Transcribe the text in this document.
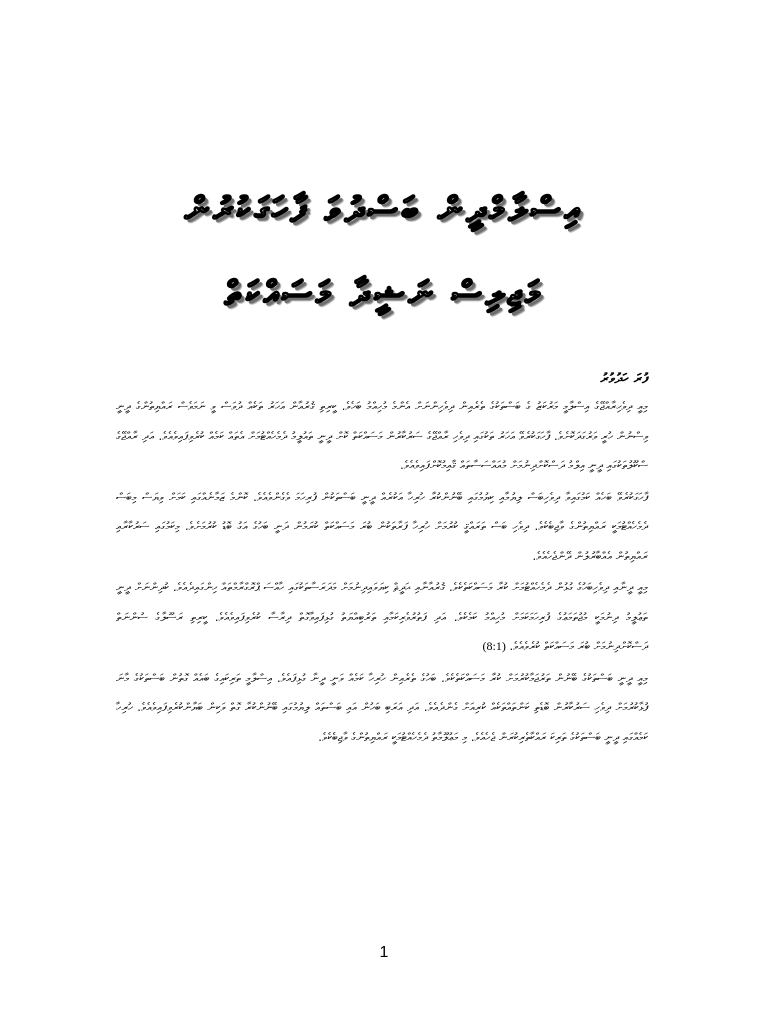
އިސްލާމްދީން ބަސްދުވަ ފާހަގަކުރުން
މަޖިލިސް ނަޝީދާ މަސައްކަތް

ފުރަ ހަދުވުރު

މިއީ ދިވެހިރާއްޖޭގެ އިސްލާމީ މަރުކަޒު ގެ ބަސްތަކުގެ ތެރެއިން ދިވެހިންނަށް އެންމެ މުހިއްމު ބަހެވެ. ކީރިތި ޤުރުއާން އަހަރު ތަކެއް ދުވަސް ވީ ނަމަވެސް ރައްޔިތުންގެ ދީނީ ވިސްނުން ހުރީ ވަރުގަދަކޮށެވެ. ފާހަގަކުރެވޭ އަހަރު ތަކުގައި ދިވެހި ރާއްޖޭގެ ސަރުކާރުން މަސައްކަތް ކޮށް ދީނީ ތައުލީމު ދެމެހެއްޓުމަށް އެތައް ކަމެއް ކުރެވިފައިވެއެވެ. އަދި ރާއްޖޭގެ ސްކޫލުތަކުގައި ދީނީ އިލްމު ދަސްކޮށްދިނުމަށް މުއައްސަސާތައް ޤާއިމުކޮށްފައިވެއެވެ.

ފާހަގަކުރެވޭ ބަހެއް ކަމުގައިވާ ދިވެހިބަސް ލިޔުމާއި ކިޔުމުގައި ބޭނުންކުރާ ހުރިހާ އަކުރެއް ދީނީ ބަސްތަކުން ފުރިހަމަ ވެގެންވެއެވެ. ކޮންމެ ޒަމާނެއްގައި ކަމަށް ވިޔަސް މިބަސް ދެމެހެއްޓުމަކީ ރައްޔިތުންގެ ވާޖިބެކެވެ. ދިވެހި ބަސް ތަރައްޤީ ކުރުމަށް ހުރިހާ ފަރާތަކުން ބުރަ މަސައްކަތް ކުރަމުން ދަނީ ބަހުގެ އަގު ބޮޑު ކުރުމަށެވެ. މިކަމުގައި ސަރުކާރާއި ރައްޔިތުން އެއްބާރުލުން ދޭންޖެހެއެވެ.

މިއީ ދީނާއި ދިވެހިބަހުގެ ގުޅުން ދެމެހެއްޓުމަށް ކުރާ މަސައްކަތެކެވެ. ޤުރުއާނާއި ޙަދީޘް ކިޔަވައިދިނުމަށް މަދަރަސާތަކުގައި ހާއްސަ ޕްރޮގްރާމްތައް ހިންގައިދެއެވެ. ކުދިންނަށް ދީނީ ތަޢުލީމު ދިނުމަކީ މުޖުތަމަޢުގެ ފުރިހަމަކަމަށް މުހިއްމު ކަމެކެވެ. އަދި ފަތުރުވެރިކަމާއި ތަރުބިއްޔަތު ގުޅިފައިވާގޮތް ދިރާސާ ކުރެވިފައިވެއެވެ. ކީރިތި ރަސޫލާގެ ސުންނަތް ދަސްކޮށްދިނުމަށް ބުރަ މަސައްކަތް ކުރެވެއެވެ. (8:1)

މިއީ ދީނީ ބަސްތަކުގެ ބޭނުން ތަރުޖަމާކުރުމަށް ކުރާ މަސައްކަތެކެވެ. ބަހުގެ ތެރެއިން ހުރިހާ ކަމެއް ވަނީ ދީނާ ގުޅިފައެވެ. އިސްލާމީ ތަރިކައިގެ ބައެއް ގޮތުން ބަސްތަކުގެ މާނަ ފުޅާކުރުމަށް ދިވެހި ސަރުކާރުން ބޮޑެތި ކަންތައްތަކެއް ކުރިއަށް ގެންދެއެވެ. އަދި އަރަބި ބަހުން އައި ބަސްތައް ލިޔުމުގައި ބޭނުންކުރާ ގޮތް ވަކިން ބަޔާންކުރެވިފައިވެއެވެ. ހުރިހާ ކަމެއްގައި ދީނީ ބަސްތަކުގެ ތަރިކަ ރައްކާތެރިކުރަން ޖެހެއެވެ. މި މަޢުލޫމާތު ދެމެހެއްޓުމަކީ ރައްޔިތުންގެ ވާޖިބެކެވެ.

1
